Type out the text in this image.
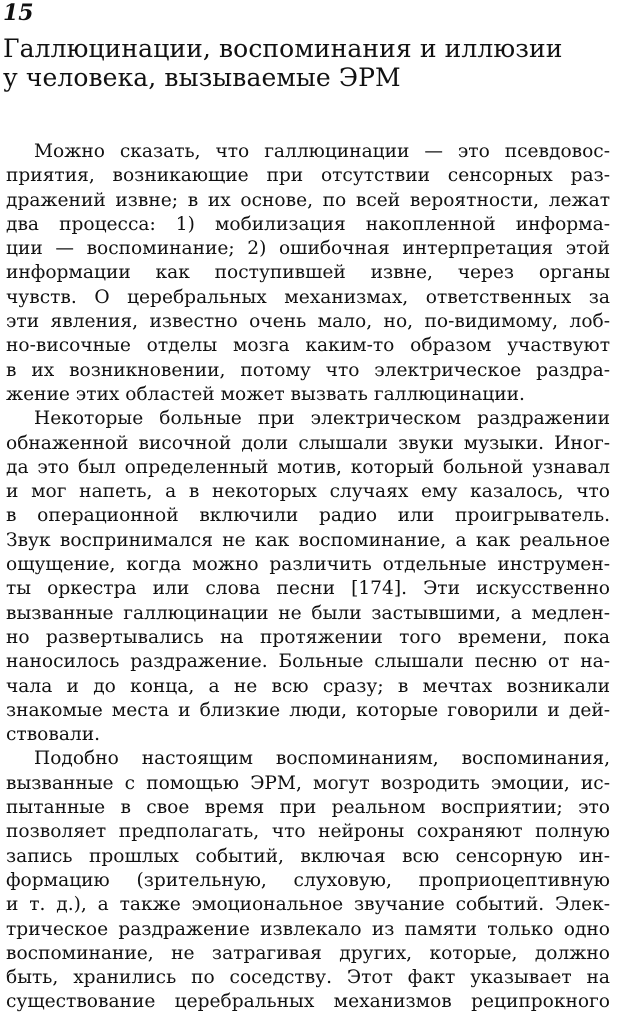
15
Галлюцинации, воспоминания и иллюзии
у человека, вызываемые ЭРМ
Можно сказать, что галлюцинации — это псевдовос-
приятия, возникающие при отсутствии сенсорных раз-
дражений извне; в их основе, по всей вероятности, лежат
два процесса: 1) мобилизация накопленной информа-
ции — воспоминание; 2) ошибочная интерпретация этой
информации как поступившей извне, через органы
чувств. О церебральных механизмах, ответственных за
эти явления, известно очень мало, но, по-видимому, лоб-
но-височные отделы мозга каким-то образом участвуют
в их возникновении, потому что электрическое раздра-
жение этих областей может вызвать галлюцинации.
Некоторые больные при электрическом раздражении
обнаженной височной доли слышали звуки музыки. Иног-
да это был определенный мотив, который больной узнавал
и мог напеть, а в некоторых случаях ему казалось, что
в операционной включили радио или проигрыватель.
Звук воспринимался не как воспоминание, а как реальное
ощущение, когда можно различить отдельные инструмен-
ты оркестра или слова песни [174]. Эти искусственно
вызванные галлюцинации не были застывшими, а медлен-
но развертывались на протяжении того времени, пока
наносилось раздражение. Больные слышали песню от на-
чала и до конца, а не всю сразу; в мечтах возникали
знакомые места и близкие люди, которые говорили и дей-
ствовали.
Подобно настоящим воспоминаниям, воспоминания,
вызванные с помощью ЭРМ, могут возродить эмоции, ис-
пытанные в свое время при реальном восприятии; это
позволяет предполагать, что нейроны сохраняют полную
запись прошлых событий, включая всю сенсорную ин-
формацию (зрительную, слуховую, проприоцептивную
и т. д.), а также эмоциональное звучание событий. Элек-
трическое раздражение извлекало из памяти только одно
воспоминание, не затрагивая других, которые, должно
быть, хранились по соседству. Этот факт указывает на
существование церебральных механизмов реципрокного
